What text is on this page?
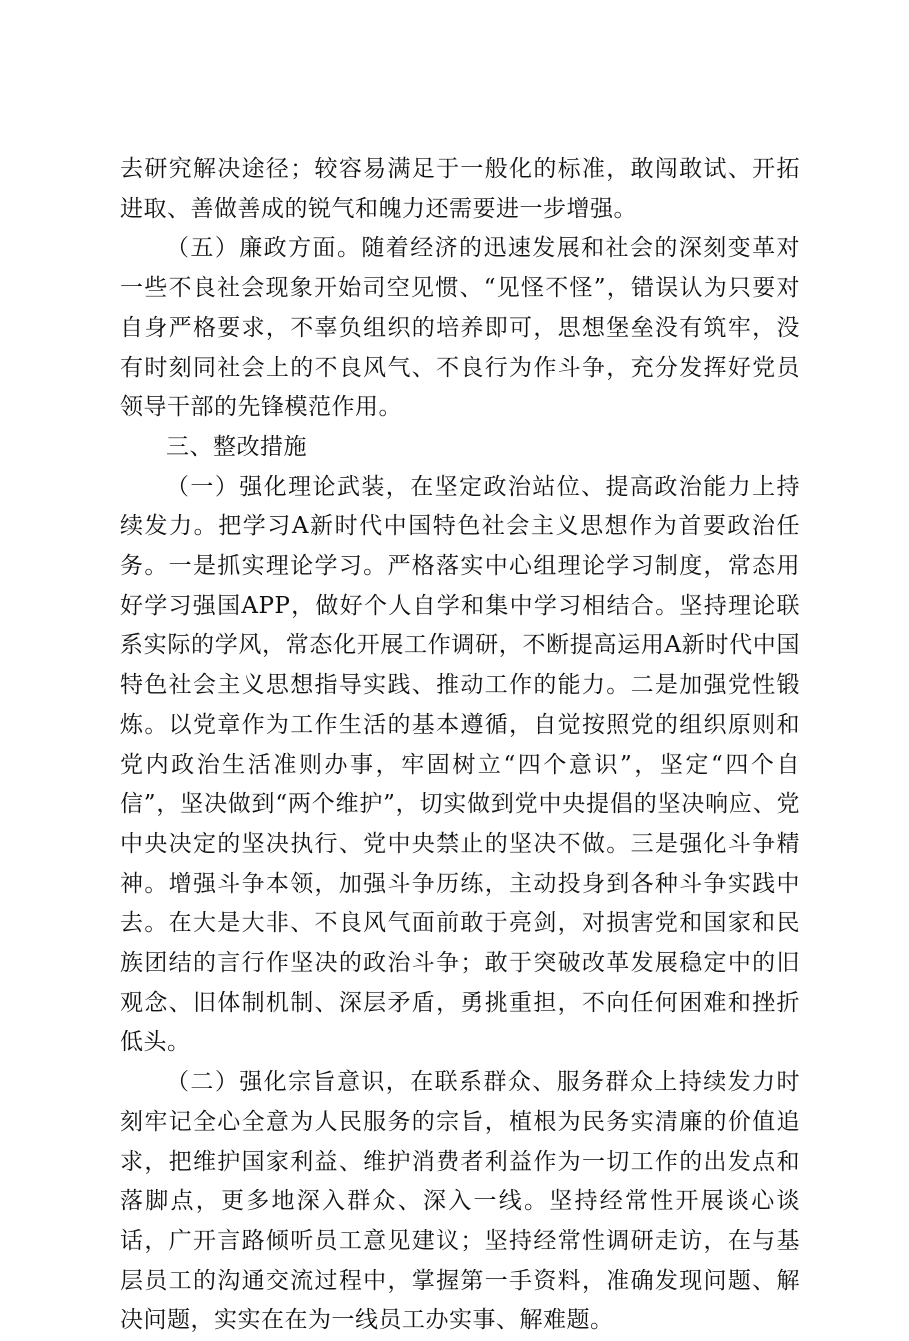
去研究解决途径；较容易满足于一般化的标准，敢闯敢试、开拓进取、善做善成的锐气和魄力还需要进一步增强。

（五）廉政方面。随着经济的迅速发展和社会的深刻变革对一些不良社会现象开始司空见惯、“见怪不怪”，错误认为只要对自身严格要求，不辜负组织的培养即可，思想堡垒没有筑牢，没有时刻同社会上的不良风气、不良行为作斗争，充分发挥好党员领导干部的先锋模范作用。

三、整改措施

（一）强化理论武装，在坚定政治站位、提高政治能力上持续发力。把学习A新时代中国特色社会主义思想作为首要政治任务。一是抓实理论学习。严格落实中心组理论学习制度，常态用好学习强国APP，做好个人自学和集中学习相结合。坚持理论联系实际的学风，常态化开展工作调研，不断提高运用A新时代中国特色社会主义思想指导实践、推动工作的能力。二是加强党性锻炼。以党章作为工作生活的基本遵循，自觉按照党的组织原则和党内政治生活准则办事，牢固树立“四个意识”，坚定“四个自信”，坚决做到“两个维护”，切实做到党中央提倡的坚决响应、党中央决定的坚决执行、党中央禁止的坚决不做。三是强化斗争精神。增强斗争本领，加强斗争历练，主动投身到各种斗争实践中去。在大是大非、不良风气面前敢于亮剑，对损害党和国家和民族团结的言行作坚决的政治斗争；敢于突破改革发展稳定中的旧观念、旧体制机制、深层矛盾，勇挑重担，不向任何困难和挫折低头。

（二）强化宗旨意识，在联系群众、服务群众上持续发力时刻牢记全心全意为人民服务的宗旨，植根为民务实清廉的价值追求，把维护国家利益、维护消费者利益作为一切工作的出发点和落脚点，更多地深入群众、深入一线。坚持经常性开展谈心谈话，广开言路倾听员工意见建议；坚持经常性调研走访，在与基层员工的沟通交流过程中，掌握第一手资料，准确发现问题、解决问题，实实在在为一线员工办实事、解难题。
